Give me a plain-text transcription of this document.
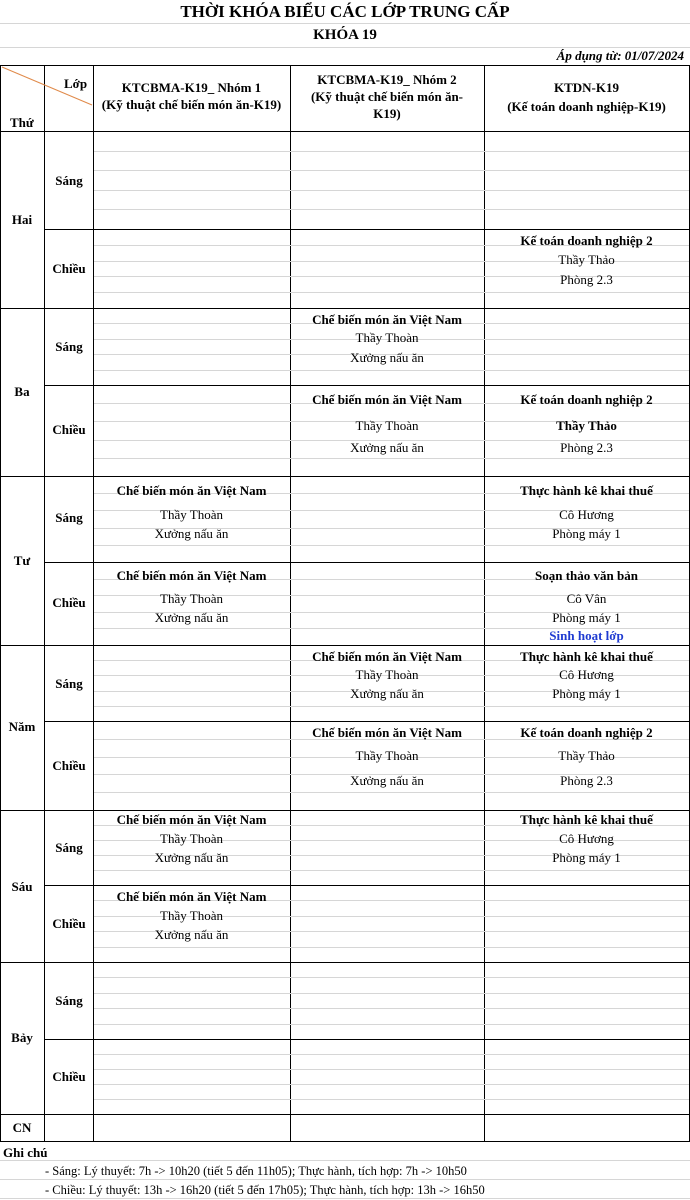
THỜI KHÓA BIỂU CÁC LỚP TRUNG CẤP
KHÓA 19
Áp dụng từ: 01/07/2024
Lớp
Thứ
KTCBMA-K19_ Nhóm 1
(Kỹ thuật chế biến món ăn-K19)
KTCBMA-K19_ Nhóm 2
(Kỹ thuật chế biến món ăn-
K19)
KTDN-K19
(Kế toán doanh nghiệp-K19)
Hai
Ba
Tư
Năm
Sáu
Bảy
CN
Sáng
Chiều
Sáng
Chiều
Sáng
Chiều
Sáng
Chiều
Sáng
Chiều
Sáng
Chiều
Kế toán doanh nghiệp 2
Thầy Thảo
Phòng 2.3
Chế biến món ăn Việt Nam
Thầy Thoàn
Xưởng nấu ăn
Chế biến món ăn Việt Nam
Thầy Thoàn
Xưởng nấu ăn
Kế toán doanh nghiệp 2
Thầy Thảo
Phòng 2.3
Chế biến món ăn Việt Nam
Thầy Thoàn
Xưởng nấu ăn
Thực hành kê khai thuế
Cô Hương
Phòng máy 1
Chế biến món ăn Việt Nam
Thầy Thoàn
Xưởng nấu ăn
Soạn thảo văn bản
Cô Vân
Phòng máy 1
Sinh hoạt lớp
Chế biến món ăn Việt Nam
Thầy Thoàn
Xưởng nấu ăn
Thực hành kê khai thuế
Cô Hương
Phòng máy 1
Chế biến món ăn Việt Nam
Thầy Thoàn
Xưởng nấu ăn
Kế toán doanh nghiệp 2
Thầy Thảo
Phòng 2.3
Chế biến món ăn Việt Nam
Thầy Thoàn
Xưởng nấu ăn
Thực hành kê khai thuế
Cô Hương
Phòng máy 1
Chế biến món ăn Việt Nam
Thầy Thoàn
Xưởng nấu ăn
Ghi chú
- Sáng: Lý thuyết: 7h -> 10h20 (tiết 5 đến 11h05); Thực hành, tích hợp: 7h -> 10h50
- Chiều: Lý thuyết: 13h -> 16h20 (tiết 5 đến 17h05); Thực hành, tích hợp: 13h -> 16h50
